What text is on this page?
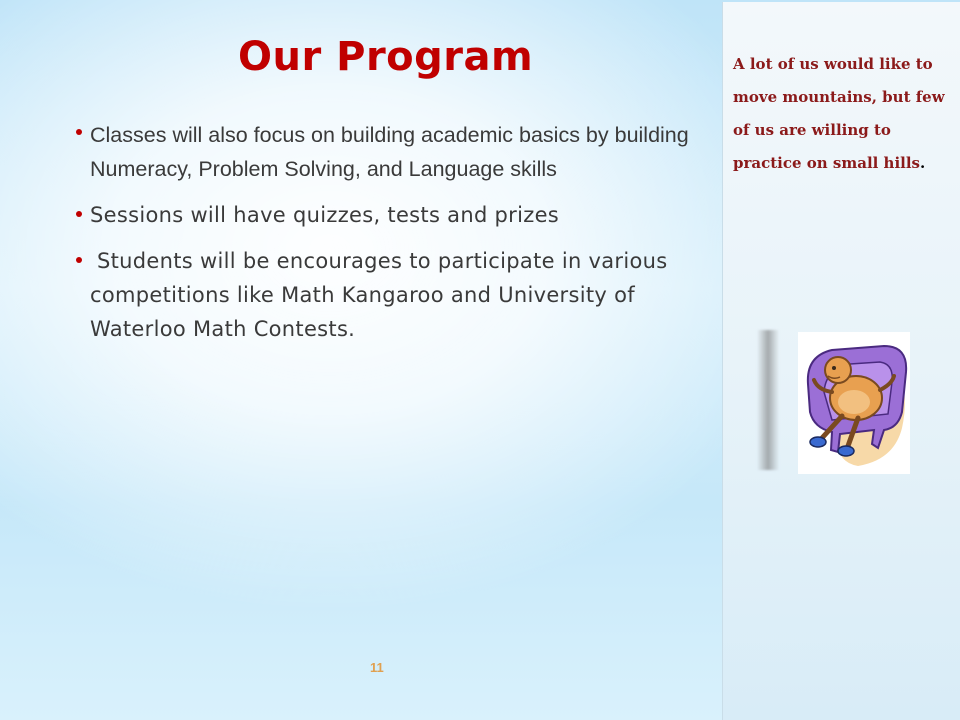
Our Program
Classes will also focus on building academic basics by building Numeracy, Problem Solving, and Language skills
Sessions will have quizzes, tests and prizes
Students will be encourages to participate in various competitions like Math Kangaroo and University of Waterloo Math Contests.
11

A lot of us would like to move mountains, but few of us are willing to practice on small hills.
